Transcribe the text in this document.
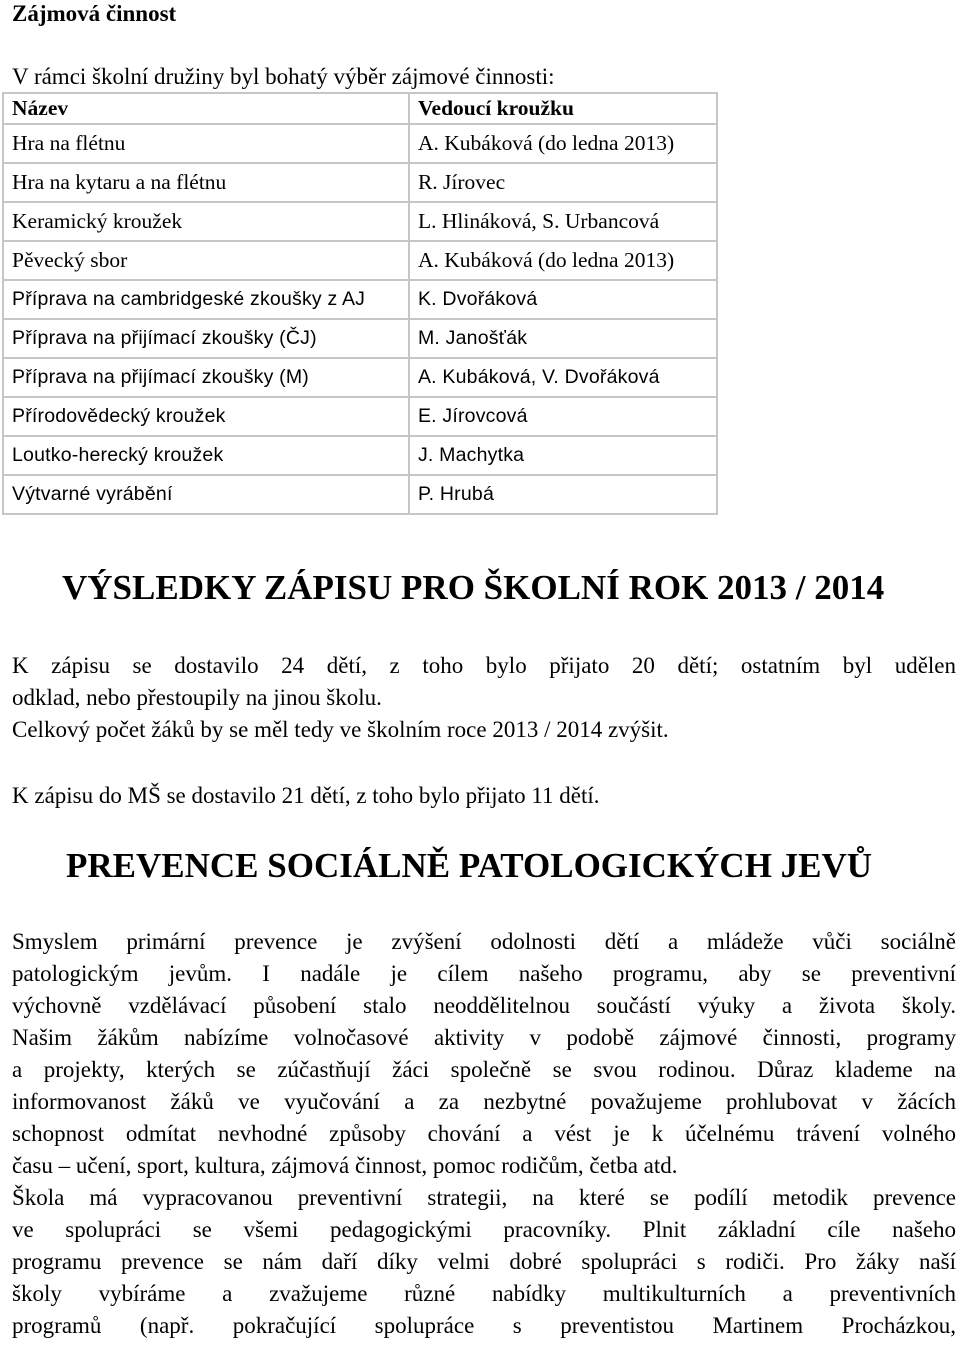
Zájmová činnost

V rámci školní družiny byl bohatý výběr zájmové činnosti:

Název	Vedoucí kroužku
Hra na flétnu	A. Kubáková (do ledna 2013)
Hra na kytaru a na flétnu	R. Jírovec
Keramický kroužek	L. Hlináková, S. Urbancová
Pěvecký sbor	A. Kubáková (do ledna 2013)
Příprava na cambridgeské zkoušky z AJ	K. Dvořáková
Příprava na přijímací zkoušky (ČJ)	M. Janošťák
Příprava na přijímací zkoušky (M)	A. Kubáková, V. Dvořáková
Přírodovědecký kroužek	E. Jírovcová
Loutko-herecký kroužek	J. Machytka
Výtvarné vyrábění	P. Hrubá
VÝSLEDKY ZÁPISU PRO ŠKOLNÍ ROK 2013 / 2014
K zápisu se dostavilo 24 dětí, z toho bylo přijato 20 dětí; ostatním byl udělen
odklad, nebo přestoupily na jinou školu.
Celkový počet žáků by se měl tedy ve školním roce 2013 / 2014 zvýšit.

K zápisu do MŠ se dostavilo 21 dětí, z toho bylo přijato 11 dětí.

PREVENCE SOCIÁLNĚ PATOLOGICKÝCH JEVŮ
Smyslem primární prevence je zvýšení odolnosti dětí a mládeže vůči sociálně
patologickým jevům. I nadále je cílem našeho programu, aby se preventivní
výchovně vzdělávací působení stalo neoddělitelnou součástí výuky a života školy.
Našim žákům nabízíme volnočasové aktivity v podobě zájmové činnosti, programy
a projekty, kterých se zúčastňují žáci společně se svou rodinou. Důraz klademe na
informovanost žáků ve vyučování a za nezbytné považujeme prohlubovat v žácích
schopnost odmítat nevhodné způsoby chování a vést je k účelnému trávení volného
času – učení, sport, kultura, zájmová činnost, pomoc rodičům, četba atd.
Škola má vypracovanou preventivní strategii, na které se podílí metodik prevence
ve spolupráci se všemi pedagogickými pracovníky. Plnit základní cíle našeho
programu prevence se nám daří díky velmi dobré spolupráci s rodiči. Pro žáky naší
školy vybíráme a zvažujeme různé nabídky multikulturních a preventivních
programů (např. pokračující spolupráce s preventistou Martinem Procházkou,
